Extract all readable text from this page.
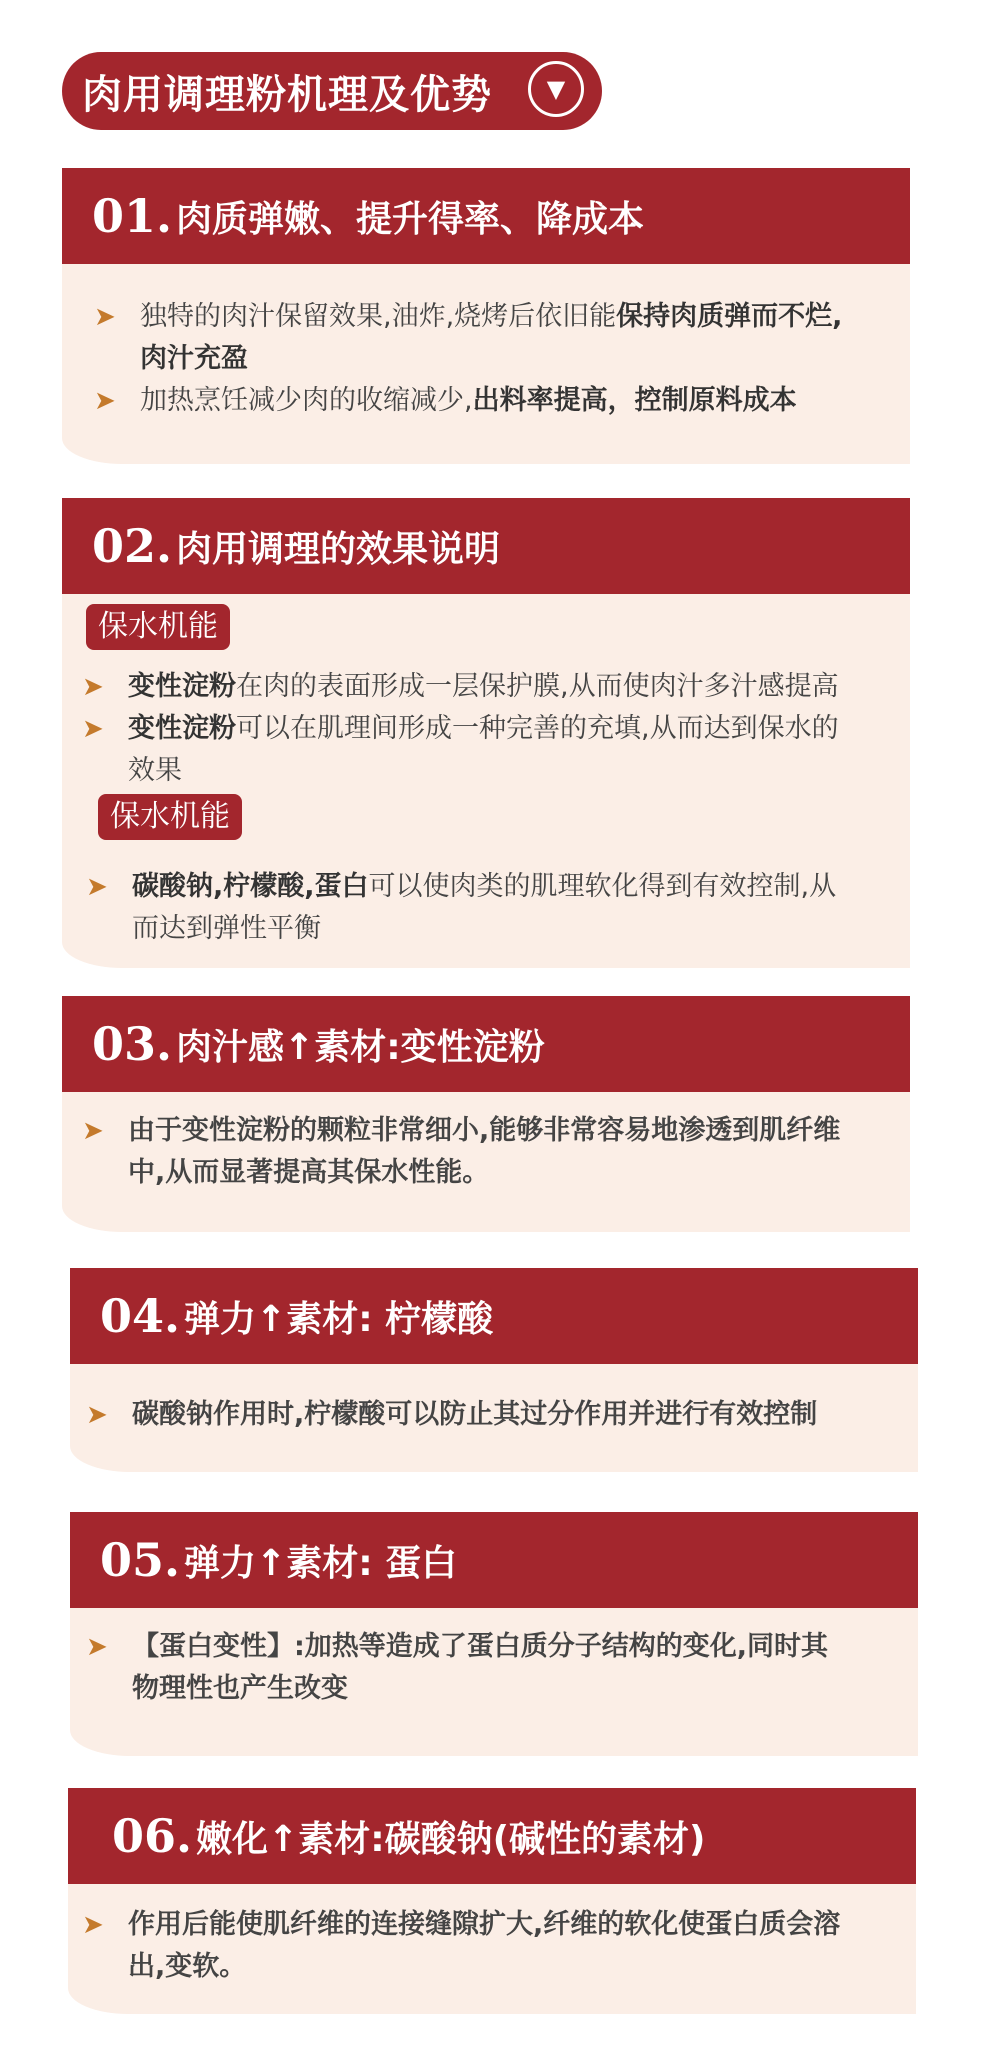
肉用调理粉机理及优势 ▼
01. 肉质弹嫩、提升得率、降成本
➤ 独特的肉汁保留效果,油炸,烧烤后依旧能保持肉质弹而不烂,
肉汁充盈
➤ 加热烹饪减少肉的收缩减少,出料率提高，控制原料成本
02. 肉用调理的效果说明
保水机能
➤ 变性淀粉在肉的表面形成一层保护膜,从而使肉汁多汁感提高
➤ 变性淀粉可以在肌理间形成一种完善的充填,从而达到保水的
效果
保水机能
➤ 碳酸钠,柠檬酸,蛋白可以使肉类的肌理软化得到有效控制,从
而达到弹性平衡
03. 肉汁感↑素材:变性淀粉
➤ 由于变性淀粉的颗粒非常细小,能够非常容易地渗透到肌纤维
中,从而显著提高其保水性能。
04. 弹力↑素材: 柠檬酸
➤ 碳酸钠作用时,柠檬酸可以防止其过分作用并进行有效控制
05. 弹力↑素材: 蛋白
➤ 【蛋白变性】:加热等造成了蛋白质分子结构的变化,同时其
物理性也产生改变
06. 嫩化↑素材:碳酸钠(碱性的素材)
➤ 作用后能使肌纤维的连接缝隙扩大,纤维的软化使蛋白质会溶
出,变软。
